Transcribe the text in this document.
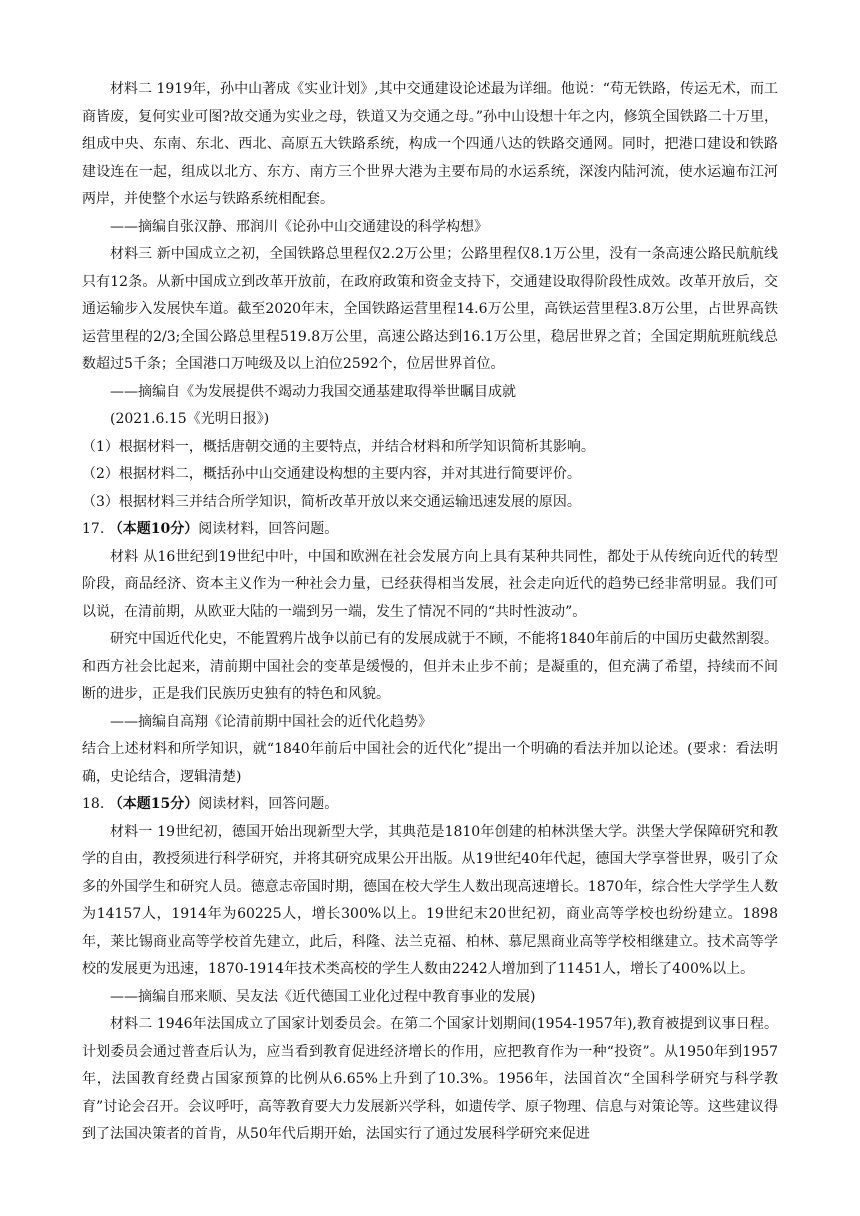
材料二 1919年，孙中山著成《实业计划》,其中交通建设论述最为详细。他说：“苟无铁路，传运无术，而工商皆废，复何实业可图?故交通为实业之母，铁道又为交通之母。”孙中山设想十年之内，修筑全国铁路二十万里，组成中央、东南、东北、西北、高原五大铁路系统，构成一个四通八达的铁路交通网。同时，把港口建设和铁路建设连在一起，组成以北方、东方、南方三个世界大港为主要布局的水运系统，深浚内陆河流，使水运遍布江河两岸，并使整个水运与铁路系统相配套。

——摘编自张汉静、邢润川《论孙中山交通建设的科学构想》

材料三 新中国成立之初，全国铁路总里程仅2.2万公里；公路里程仅8.1万公里，没有一条高速公路民航航线只有12条。从新中国成立到改革开放前，在政府政策和资金支持下，交通建设取得阶段性成效。改革开放后，交通运输步入发展快车道。截至2020年末，全国铁路运营里程14.6万公里，高铁运营里程3.8万公里，占世界高铁运营里程的2/3;全国公路总里程519.8万公里，高速公路达到16.1万公里，稳居世界之首；全国定期航班航线总数超过5千条；全国港口万吨级及以上泊位2592个，位居世界首位。

——摘编自《为发展提供不竭动力我国交通基建取得举世瞩目成就

(2021.6.15《光明日报》)

（1）根据材料一，概括唐朝交通的主要特点，并结合材料和所学知识简析其影响。

（2）根据材料二，概括孙中山交通建设构想的主要内容，并对其进行简要评价。

（3）根据材料三并结合所学知识，简析改革开放以来交通运输迅速发展的原因。

17. （本题10分）阅读材料，回答问题。

材料 从16世纪到19世纪中叶，中国和欧洲在社会发展方向上具有某种共同性，都处于从传统向近代的转型阶段，商品经济、资本主义作为一种社会力量，已经获得相当发展，社会走向近代的趋势已经非常明显。我们可以说，在清前期，从欧亚大陆的一端到另一端，发生了情况不同的“共时性波动”。

研究中国近代化史，不能置鸦片战争以前已有的发展成就于不顾，不能将1840年前后的中国历史截然割裂。和西方社会比起来，清前期中国社会的变革是缓慢的，但并未止步不前；是凝重的，但充满了希望，持续而不间断的进步，正是我们民族历史独有的特色和风貌。

——摘编自高翔《论清前期中国社会的近代化趋势》

结合上述材料和所学知识，就“1840年前后中国社会的近代化”提出一个明确的看法并加以论述。(要求：看法明确，史论结合，逻辑清楚)

18. （本题15分）阅读材料，回答问题。

材料一 19世纪初，德国开始出现新型大学，其典范是1810年创建的柏林洪堡大学。洪堡大学保障研究和教学的自由，教授须进行科学研究，并将其研究成果公开出版。从19世纪40年代起，德国大学享誉世界，吸引了众多的外国学生和研究人员。德意志帝国时期，德国在校大学生人数出现高速增长。1870年，综合性大学学生人数为14157人，1914年为60225人，增长300%以上。19世纪末20世纪初，商业高等学校也纷纷建立。1898年，莱比锡商业高等学校首先建立，此后，科隆、法兰克福、柏林、慕尼黑商业高等学校相继建立。技术高等学校的发展更为迅速，1870-1914年技术类高校的学生人数由2242人增加到了11451人，增长了400%以上。

——摘编自邢来顺、吴友法《近代德国工业化过程中教育事业的发展)

材料二 1946年法国成立了国家计划委员会。在第二个国家计划期间(1954-1957年),教育被提到议事日程。计划委员会通过普查后认为，应当看到教育促进经济增长的作用，应把教育作为一种“投资”。从1950年到1957年，法国教育经费占国家预算的比例从6.65%上升到了10.3%。1956年，法国首次“全国科学研究与科学教育”讨论会召开。会议呼吁，高等教育要大力发展新兴学科，如遗传学、原子物理、信息与对策论等。这些建议得到了法国决策者的首肯，从50年代后期开始，法国实行了通过发展科学研究来促进
